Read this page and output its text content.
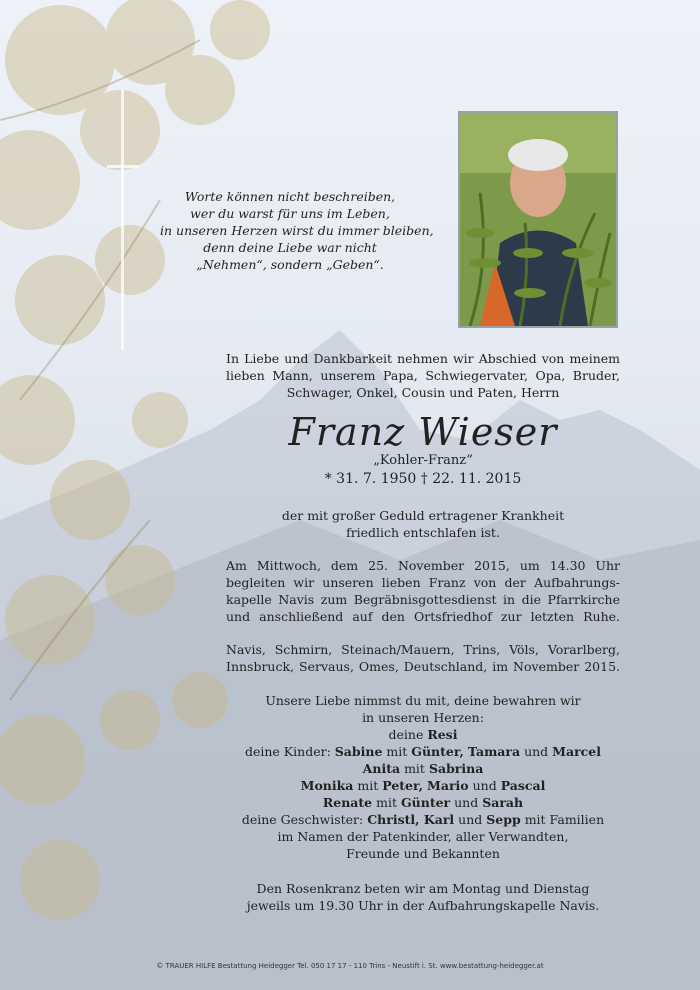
Worte können nicht beschreiben,
wer du warst für uns im Leben,
in unseren Herzen wirst du immer bleiben,
denn deine Liebe war nicht
„Nehmen“, sondern „Geben“.
In Liebe und Dankbarkeit nehmen wir Abschied von meinem
lieben Mann, unserem Papa, Schwiegervater, Opa, Bruder,
Schwager, Onkel, Cousin und Paten, Herrn
Franz Wieser
„Kohler-Franz“
* 31. 7. 1950 † 22. 11. 2015
der mit großer Geduld ertragener Krankheit
friedlich entschlafen ist.
Am Mittwoch, dem 25. November 2015, um 14.30 Uhr
begleiten wir unseren lieben Franz von der Aufbahrungs-
kapelle Navis zum Begräbnisgottesdienst in die Pfarrkirche
und anschließend auf den Ortsfriedhof zur letzten Ruhe.
Navis, Schmirn, Steinach/Mauern, Trins, Völs, Vorarlberg,
Innsbruck, Servaus, Omes, Deutschland, im November 2015.
Unsere Liebe nimmst du mit, deine bewahren wir
in unseren Herzen:
deine Resi
deine Kinder: Sabine mit Günter, Tamara und Marcel
Anita mit Sabrina
Monika mit Peter, Mario und Pascal
Renate mit Günter und Sarah
deine Geschwister: Christl, Karl und Sepp mit Familien
im Namen der Patenkinder, aller Verwandten,
Freunde und Bekannten
Den Rosenkranz beten wir am Montag und Dienstag
jeweils um 19.30 Uhr in der Aufbahrungskapelle Navis.
© TRAUER HILFE Bestattung Heidegger Tel. 050 17 17 - 110 Trins - Neustift i. St. www.bestattung-heidegger.at
